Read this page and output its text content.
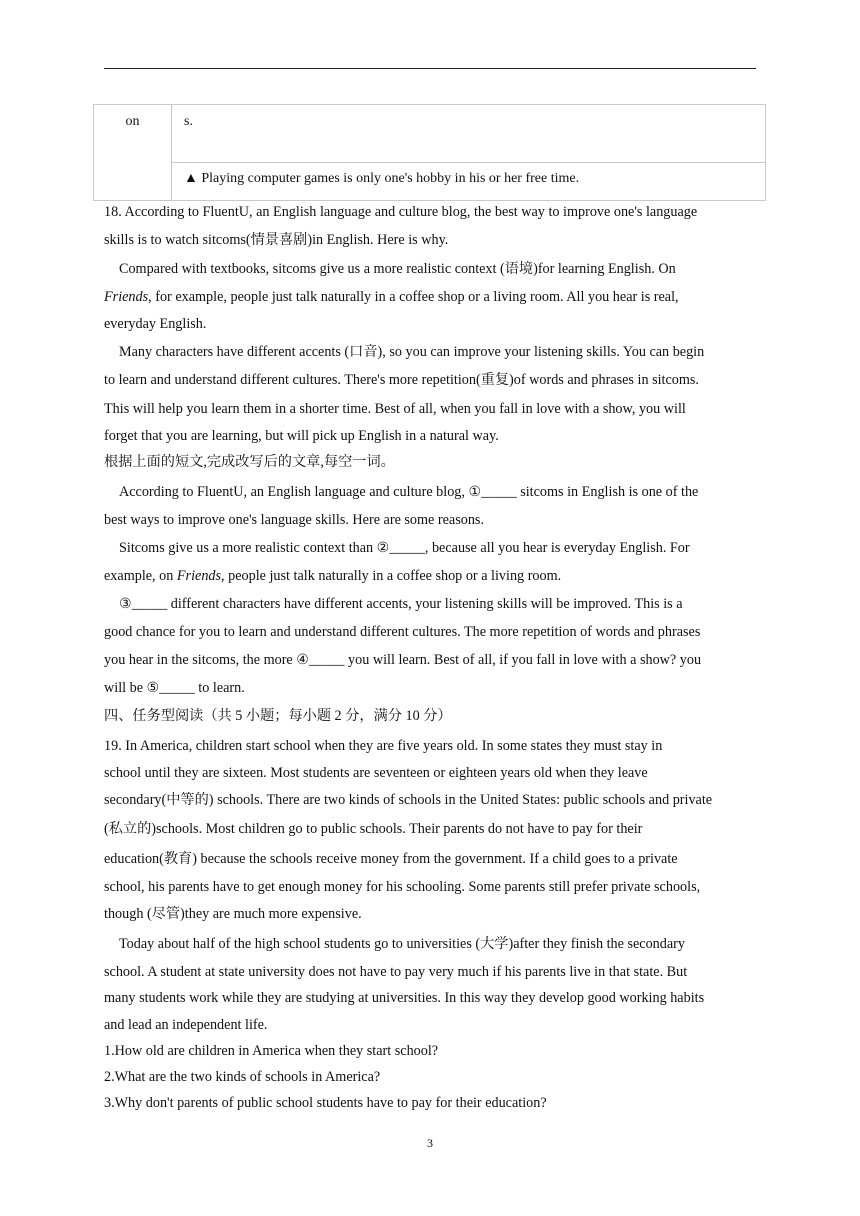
on	s.
▲ Playing computer games is only one's hobby in his or her free time.
18. According to FluentU, an English language and culture blog, the best way to improve one's language
skills is to watch sitcoms(情景喜剧)in English. Here is why.
Compared with textbooks, sitcoms give us a more realistic context (语境)for learning English. On
Friends, for example, people just talk naturally in a coffee shop or a living room. All you hear is real,
everyday English.
Many characters have different accents (口音), so you can improve your listening skills. You can begin
to learn and understand different cultures. There's more repetition(重复)of words and phrases in sitcoms.
This will help you learn them in a shorter time. Best of all, when you fall in love with a show, you will
forget that you are learning, but will pick up English in a natural way.
根据上面的短文,完成改写后的文章,每空一词。
According to FluentU, an English language and culture blog, ①_____ sitcoms in English is one of the
best ways to improve one's language skills. Here are some reasons.
Sitcoms give us a more realistic context than ②_____, because all you hear is everyday English. For
example, on Friends, people just talk naturally in a coffee shop or a living room.
③_____ different characters have different accents, your listening skills will be improved. This is a
good chance for you to learn and understand different cultures. The more repetition of words and phrases
you hear in the sitcoms, the more ④_____ you will learn. Best of all, if you fall in love with a show? you
will be ⑤_____ to learn.
四、任务型阅读（共 5 小题；每小题 2 分，满分 10 分）
19. In America, children start school when they are five years old. In some states they must stay in
school until they are sixteen. Most students are seventeen or eighteen years old when they leave
secondary(中等的) schools. There are two kinds of schools in the United States: public schools and private
(私立的)schools. Most children go to public schools. Their parents do not have to pay for their
education(教育) because the schools receive money from the government. If a child goes to a private
school, his parents have to get enough money for his schooling. Some parents still prefer private schools,
though (尽管)they are much more expensive.
Today about half of the high school students go to universities (大学)after they finish the secondary
school. A student at state university does not have to pay very much if his parents live in that state. But
many students work while they are studying at universities. In this way they develop good working habits
and lead an independent life.
1.How old are children in America when they start school?
2.What are the two kinds of schools in America?
3.Why don't parents of public school students have to pay for their education?
3
